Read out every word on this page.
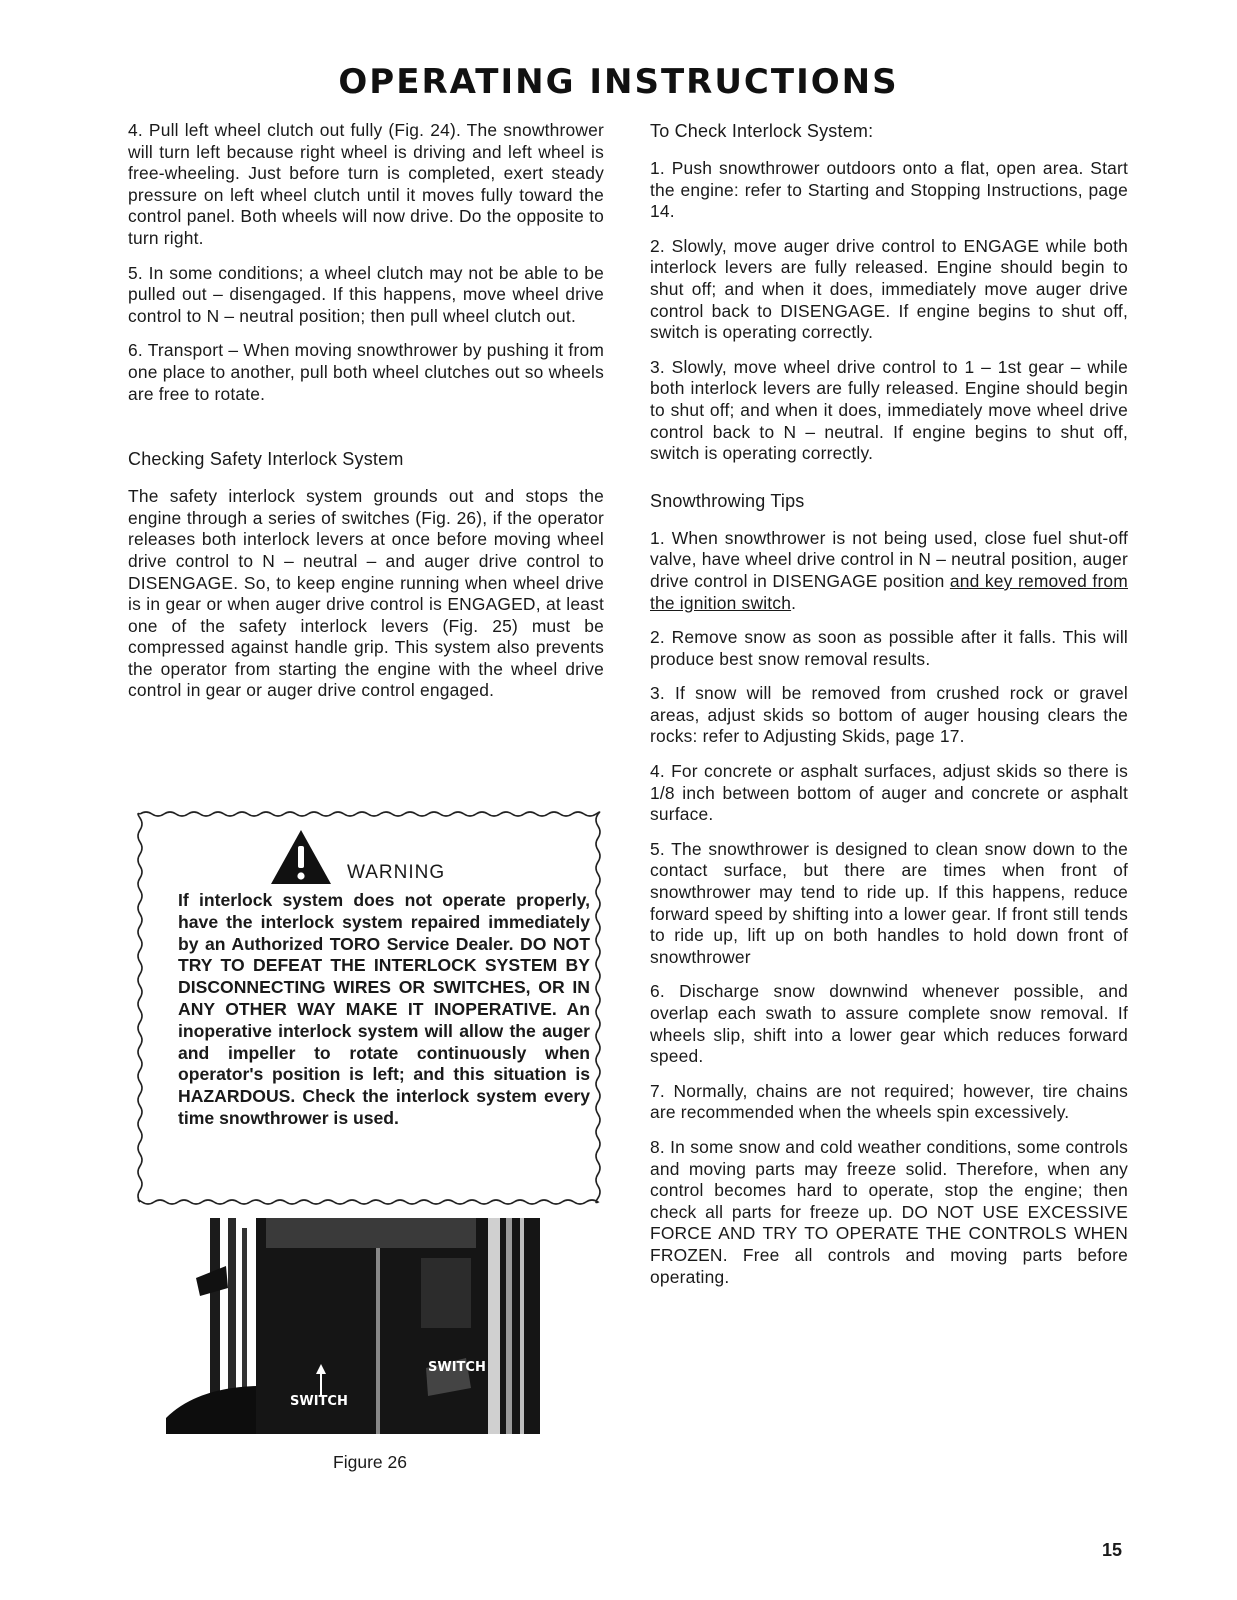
OPERATING INSTRUCTIONS

4. Pull left wheel clutch out fully (Fig. 24). The snowthrower will turn left because right wheel is driving and left wheel is free-wheeling. Just before turn is completed, exert steady pressure on left wheel clutch until it moves fully toward the control panel. Both wheels will now drive. Do the opposite to turn right.

5. In some conditions; a wheel clutch may not be able to be pulled out – disengaged. If this happens, move wheel drive control to N – neutral position; then pull wheel clutch out.

6. Transport – When moving snowthrower by pushing it from one place to another, pull both wheel clutches out so wheels are free to rotate.

Checking Safety Interlock System

The safety interlock system grounds out and stops the engine through a series of switches (Fig. 26), if the operator releases both interlock levers at once before moving wheel drive control to N – neutral – and auger drive control to DISENGAGE. So, to keep engine running when wheel drive is in gear or when auger drive control is ENGAGED, at least one of the safety interlock levers (Fig. 25) must be compressed against handle grip. This system also prevents the operator from starting the engine with the wheel drive control in gear or auger drive control engaged.

WARNING
If interlock system does not operate properly, have the interlock system repaired immediately by an Authorized TORO Service Dealer. DO NOT TRY TO DEFEAT THE INTERLOCK SYSTEM BY DISCONNECTING WIRES OR SWITCHES, OR IN ANY OTHER WAY MAKE IT INOPERATIVE. An inoperative interlock system will allow the auger and impeller to rotate continuously when operator's position is left; and this situation is HAZARDOUS. Check the interlock system every time snowthrower is used.
SWITCH
SWITCH
Figure 26
To Check Interlock System:

1. Push snowthrower outdoors onto a flat, open area. Start the engine: refer to Starting and Stopping Instructions, page 14.

2. Slowly, move auger drive control to ENGAGE while both interlock levers are fully released. Engine should begin to shut off; and when it does, immediately move auger drive control back to DISENGAGE. If engine begins to shut off, switch is operating correctly.

3. Slowly, move wheel drive control to 1 – 1st gear – while both interlock levers are fully released. Engine should begin to shut off; and when it does, immediately move wheel drive control back to N – neutral. If engine begins to shut off, switch is operating correctly.

Snowthrowing Tips

1. When snowthrower is not being used, close fuel shut-off valve, have wheel drive control in N – neutral position, auger drive control in DISENGAGE position and key removed from the ignition switch.

2. Remove snow as soon as possible after it falls. This will produce best snow removal results.

3. If snow will be removed from crushed rock or gravel areas, adjust skids so bottom of auger housing clears the rocks: refer to Adjusting Skids, page 17.

4. For concrete or asphalt surfaces, adjust skids so there is 1/8 inch between bottom of auger and concrete or asphalt surface.

5. The snowthrower is designed to clean snow down to the contact surface, but there are times when front of snowthrower may tend to ride up. If this happens, reduce forward speed by shifting into a lower gear. If front still tends to ride up, lift up on both handles to hold down front of snowthrower

6. Discharge snow downwind whenever possible, and overlap each swath to assure complete snow removal. If wheels slip, shift into a lower gear which reduces forward speed.

7. Normally, chains are not required; however, tire chains are recommended when the wheels spin excessively.

8. In some snow and cold weather conditions, some controls and moving parts may freeze solid. Therefore, when any control becomes hard to operate, stop the engine; then check all parts for freeze up. DO NOT USE EXCESSIVE FORCE AND TRY TO OPERATE THE CONTROLS WHEN FROZEN. Free all controls and moving parts before operating.

15
